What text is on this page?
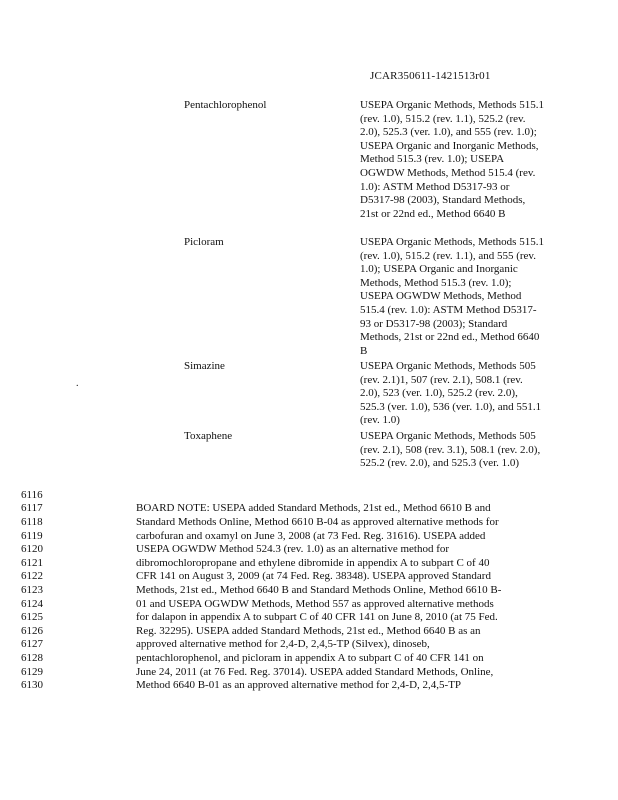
JCAR350611-1421513r01
Pentachlorophenol	USEPA Organic Methods, Methods 515.1 (rev. 1.0), 515.2 (rev. 1.1), 525.2 (rev. 2.0), 525.3 (ver. 1.0), and 555 (rev. 1.0); USEPA Organic and Inorganic Methods, Method 515.3 (rev. 1.0); USEPA OGWDW Methods, Method 515.4 (rev. 1.0): ASTM Method D5317-93 or D5317-98 (2003), Standard Methods, 21st or 22nd ed., Method 6640 B
Picloram	USEPA Organic Methods, Methods 515.1 (rev. 1.0), 515.2 (rev. 1.1), and 555 (rev. 1.0); USEPA Organic and Inorganic Methods, Method 515.3 (rev. 1.0); USEPA OGWDW Methods, Method 515.4 (rev. 1.0): ASTM Method D5317-93 or D5317-98 (2003); Standard Methods, 21st or 22nd ed., Method 6640 B
Simazine	USEPA Organic Methods, Methods 505 (rev. 2.1)1, 507 (rev. 2.1), 508.1 (rev. 2.0), 523 (ver. 1.0), 525.2 (rev. 2.0), 525.3 (ver. 1.0), 536 (ver. 1.0), and 551.1 (rev. 1.0)
Toxaphene	USEPA Organic Methods, Methods 505 (rev. 2.1), 508 (rev. 3.1), 508.1 (rev. 2.0), 525.2 (rev. 2.0), and 525.3 (ver. 1.0)
.
6116
6117	BOARD NOTE: USEPA added Standard Methods, 21st ed., Method 6610 B and
6118	Standard Methods Online, Method 6610 B-04 as approved alternative methods for
6119	carbofuran and oxamyl on June 3, 2008 (at 73 Fed. Reg. 31616). USEPA added
6120	USEPA OGWDW Method 524.3 (rev. 1.0) as an alternative method for
6121	dibromochloropropane and ethylene dibromide in appendix A to subpart C of 40
6122	CFR 141 on August 3, 2009 (at 74 Fed. Reg. 38348). USEPA approved Standard
6123	Methods, 21st ed., Method 6640 B and Standard Methods Online, Method 6610 B-
6124	01 and USEPA OGWDW Methods, Method 557 as approved alternative methods
6125	for dalapon in appendix A to subpart C of 40 CFR 141 on June 8, 2010 (at 75 Fed.
6126	Reg. 32295). USEPA added Standard Methods, 21st ed., Method 6640 B as an
6127	approved alternative method for 2,4-D, 2,4,5-TP (Silvex), dinoseb,
6128	pentachlorophenol, and picloram in appendix A to subpart C of 40 CFR 141 on
6129	June 24, 2011 (at 76 Fed. Reg. 37014). USEPA added Standard Methods, Online,
6130	Method 6640 B-01 as an approved alternative method for 2,4-D, 2,4,5-TP
